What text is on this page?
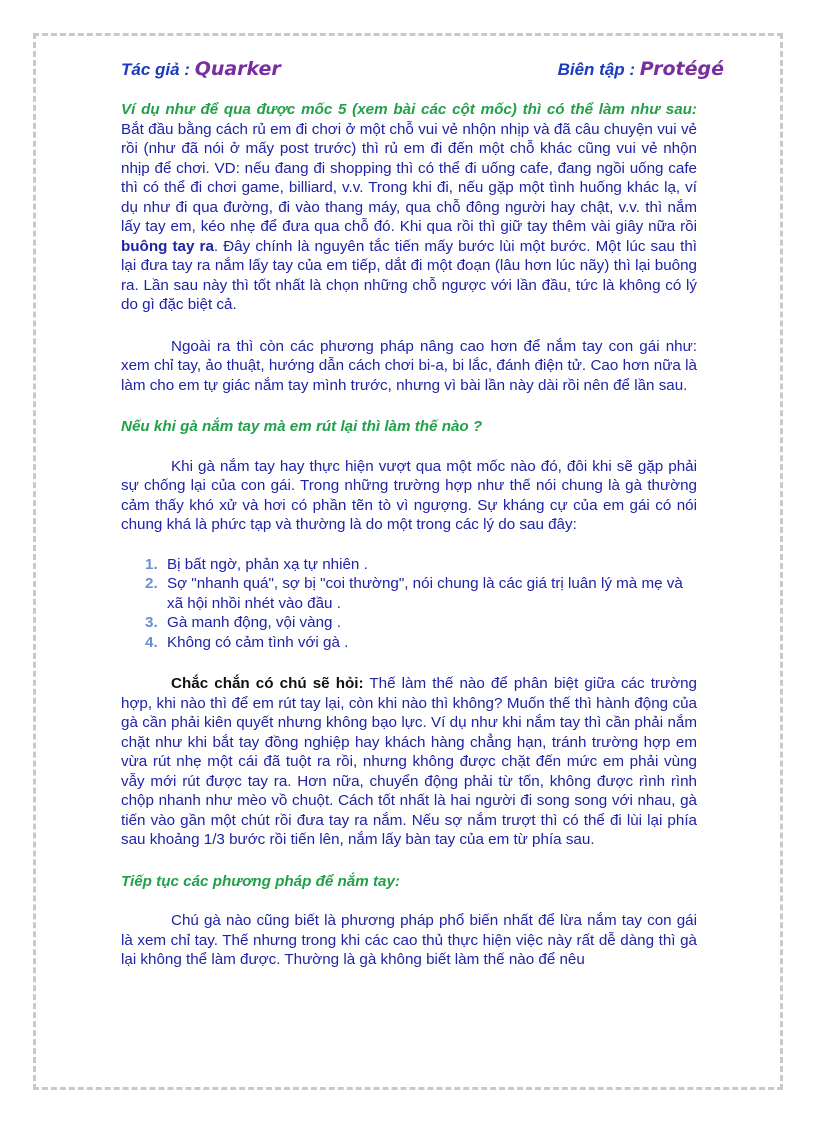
Tác giả : Quarker	Biên tập : Protégé

Ví dụ như để qua được mốc 5 (xem bài các cột mốc) thì có thể làm như sau: Bắt đầu bằng cách rủ em đi chơi ở một chỗ vui vẻ nhộn nhịp và đã câu chuyện vui vẻ rồi (như đã nói ở mấy post trước) thì rủ em đi đến một chỗ khác cũng vui vẻ nhộn nhịp để chơi. VD: nếu đang đi shopping thì có thể đi uống cafe, đang ngồi uống cafe thì có thể đi chơi game, billiard, v.v. Trong khi đi, nếu gặp một tình huống khác lạ, ví dụ như đi qua đường, đi vào thang máy, qua chỗ đông người hay chật, v.v. thì nắm lấy tay em, kéo nhẹ để đưa qua chỗ đó. Khi qua rồi thì giữ tay thêm vài giây nữa rồi buông tay ra. Đây chính là nguyên tắc tiến mấy bước lùi một bước. Một lúc sau thì lại đưa tay ra nắm lấy tay của em tiếp, dắt đi một đoạn (lâu hơn lúc nãy) thì lại buông ra. Lần sau này thì tốt nhất là chọn những chỗ ngược với lần đầu, tức là không có lý do gì đặc biệt cả.

Ngoài ra thì còn các phương pháp nâng cao hơn để nắm tay con gái như: xem chỉ tay, ảo thuật, hướng dẫn cách chơi bi-a, bi lắc, đánh điện tử. Cao hơn nữa là làm cho em tự giác nắm tay mình trước, nhưng vì bài lần này dài rồi nên để lần sau.

Nếu khi gà nắm tay mà em rút lại thì làm thế nào ?

Khi gà nắm tay hay thực hiện vượt qua một mốc nào đó, đôi khi sẽ gặp phải sự chống lại của con gái. Trong những trường hợp như thế nói chung là gà thường cảm thấy khó xử và hơi có phần tẽn tò vì ngượng. Sự kháng cự của em gái có nói chung khá là phức tạp và thường là do một trong các lý do sau đây:

1. Bị bất ngờ, phản xạ tự nhiên .
2. Sợ "nhanh quá", sợ bị "coi thường", nói chung là các giá trị luân lý mà mẹ và xã hội nhồi nhét vào đầu .
3. Gà manh động, vội vàng .
4. Không có cảm tình với gà .

Chắc chắn có chú sẽ hỏi: Thế làm thế nào để phân biệt giữa các trường hợp, khi nào thì để em rút tay lại, còn khi nào thì không? Muốn thế thì hành động của gà cần phải kiên quyết nhưng không bạo lực. Ví dụ như khi nắm tay thì cần phải nắm chặt như khi bắt tay đồng nghiệp hay khách hàng chẳng hạn, tránh trường hợp em vừa rút nhẹ một cái đã tuột ra rồi, nhưng không được chặt đến mức em phải vùng vẫy mới rút được tay ra. Hơn nữa, chuyển động phải từ tốn, không được rình rình chộp nhanh như mèo vồ chuột. Cách tốt nhất là hai người đi song song với nhau, gà tiến vào gần một chút rồi đưa tay ra nắm. Nếu sợ nắm trượt thì có thể đi lùi lại phía sau khoảng 1/3 bước rồi tiến lên, nắm lấy bàn tay của em từ phía sau.

Tiếp tục các phương pháp để nắm tay:

Chú gà nào cũng biết là phương pháp phổ biến nhất để lừa nắm tay con gái là xem chỉ tay. Thế nhưng trong khi các cao thủ thực hiện việc này rất dễ dàng thì gà lại không thể làm được. Thường là gà không biết làm thế nào để nêu
